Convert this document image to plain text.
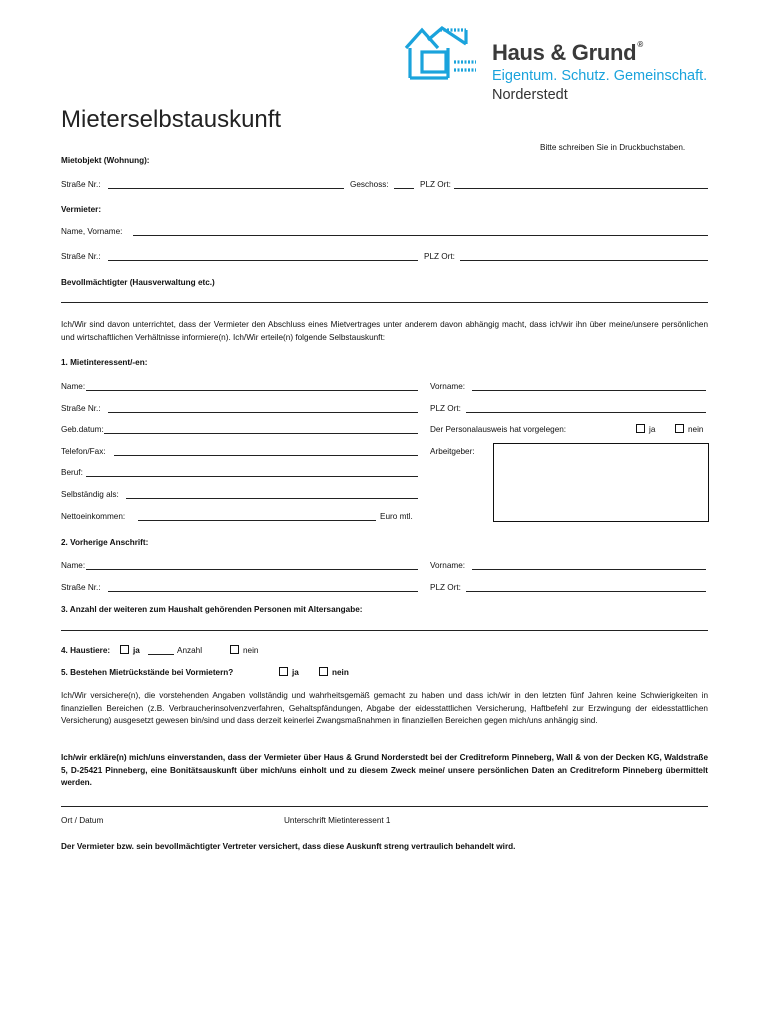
Haus & Grund®
Eigentum. Schutz. Gemeinschaft.
Norderstedt
Mieterselbstauskunft
Bitte schreiben Sie in Druckbuchstaben.
Mietobjekt (Wohnung):
Straße Nr.:	Geschoss:	PLZ Ort:
Vermieter:
Name, Vorname:
Straße Nr.:	PLZ Ort:
Bevollmächtigter (Hausverwaltung etc.)
Ich/Wir sind davon unterrichtet, dass der Vermieter den Abschluss eines Mietvertrages unter anderem davon abhängig macht, dass ich/wir ihn über meine/unsere persönlichen und wirtschaftlichen Verhältnisse informiere(n). Ich/Wir erteile(n) folgende Selbstauskunft:
1. Mietinteressent/-en:
Name:	Vorname:
Straße Nr.:	PLZ Ort:
Geb.datum:	Der Personalausweis hat vorgelegen:	ja	nein
Telefon/Fax:	Arbeitgeber:
Beruf:
Selbständig als:
Nettoeinkommen:	Euro mtl.
2. Vorherige Anschrift:
Name:	Vorname:
Straße Nr.:	PLZ Ort:
3. Anzahl der weiteren zum Haushalt gehörenden Personen mit Altersangabe:
4. Haustiere:	ja	Anzahl	nein
5. Bestehen Mietrückstände bei Vormietern?	ja	nein
Ich/Wir versichere(n), die vorstehenden Angaben vollständig und wahrheitsgemäß gemacht zu haben und dass ich/wir in den letzten fünf Jahren keine Schwierigkeiten in finanziellen Bereichen (z.B. Verbraucherinsolvenzverfahren, Gehaltspfändungen, Abgabe der eidesstattlichen Versicherung, Haftbefehl zur Erzwingung der eidesstattlichen Versicherung) ausgesetzt gewesen bin/sind und dass derzeit keinerlei Zwangsmaßnahmen in finanziellen Bereichen gegen mich/uns anhängig sind.
Ich/wir erkläre(n) mich/uns einverstanden, dass der Vermieter über Haus & Grund Norderstedt bei der Creditreform Pinneberg, Wall & von der Decken KG, Waldstraße 5, D-25421 Pinneberg, eine Bonitätsauskunft über mich/uns einholt und zu diesem Zweck meine/ unsere persönlichen Daten an Creditreform Pinneberg übermittelt werden.
Ort / Datum	Unterschrift Mietinteressent 1
Der Vermieter bzw. sein bevollmächtigter Vertreter versichert, dass diese Auskunft streng vertraulich behandelt wird.
